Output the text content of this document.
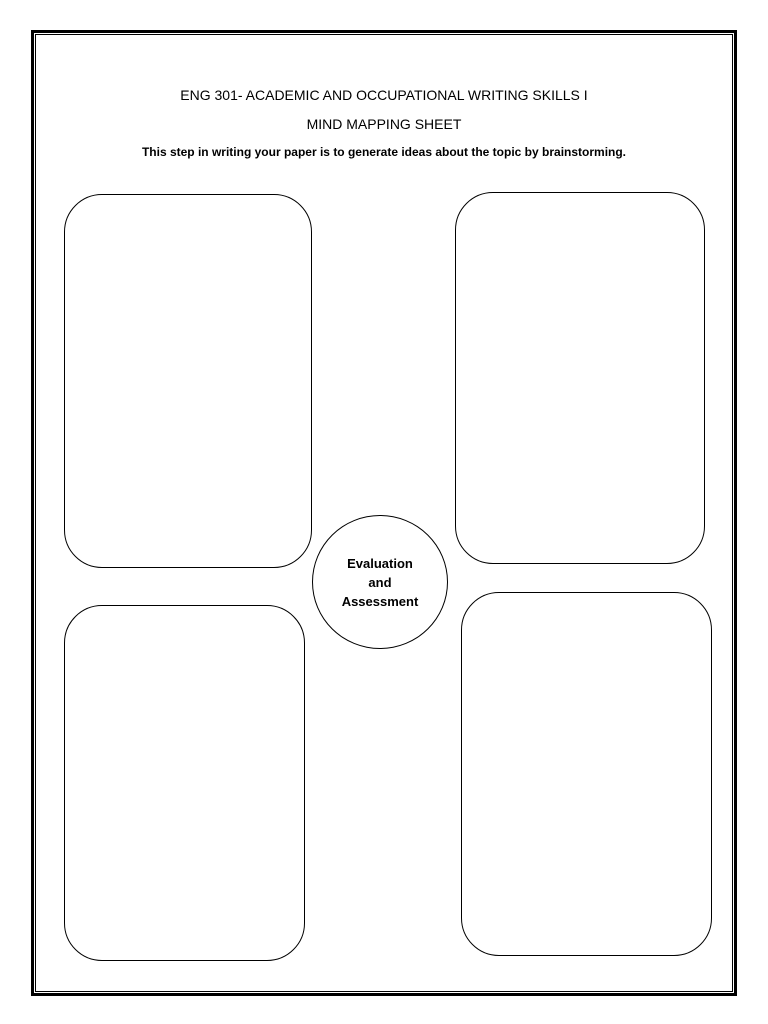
ENG 301- ACADEMIC AND OCCUPATIONAL WRITING SKILLS I
MIND MAPPING SHEET

This step in writing your paper is to generate ideas about the topic by brainstorming.

Evaluation
and
Assessment
